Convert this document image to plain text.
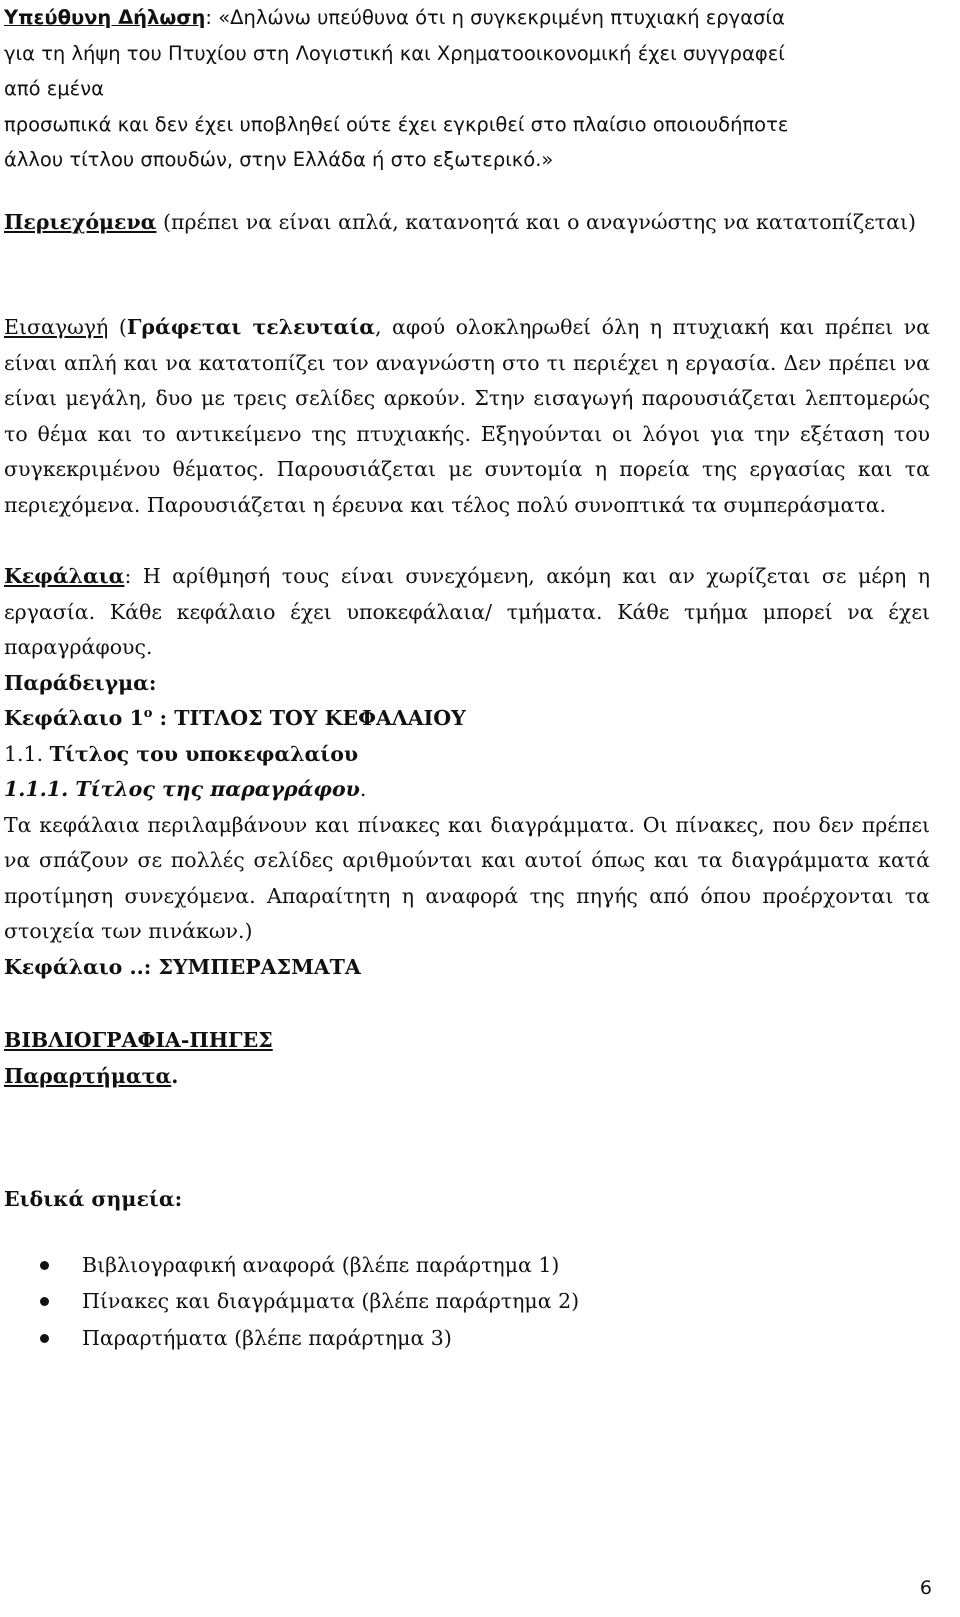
Υπεύθυνη Δήλωση: «Δηλώνω υπεύθυνα ότι η συγκεκριμένη πτυχιακή εργασία
για τη λήψη του Πτυχίου στη Λογιστική και Χρηματοοικονομική έχει συγγραφεί
από εμένα
προσωπικά και δεν έχει υποβληθεί ούτε έχει εγκριθεί στο πλαίσιο οποιουδήποτε
άλλου τίτλου σπουδών, στην Ελλάδα ή στο εξωτερικό.»

Περιεχόμενα (πρέπει να είναι απλά, κατανοητά και ο αναγνώστης να κατατοπίζεται)

Εισαγωγή (Γράφεται τελευταία, αφού ολοκληρωθεί όλη η πτυχιακή και πρέπει να είναι απλή και να κατατοπίζει τον αναγνώστη στο τι περιέχει η εργασία. Δεν πρέπει να είναι μεγάλη, δυο με τρεις σελίδες αρκούν. Στην εισαγωγή παρουσιάζεται λεπτομερώς το θέμα και το αντικείμενο της πτυχιακής. Εξηγούνται οι λόγοι για την εξέταση του συγκεκριμένου θέματος. Παρουσιάζεται με συντομία η πορεία της εργασίας και τα περιεχόμενα. Παρουσιάζεται η έρευνα και τέλος πολύ συνοπτικά τα συμπεράσματα.

Κεφάλαια: Η αρίθμησή τους είναι συνεχόμενη, ακόμη και αν χωρίζεται σε μέρη η εργασία. Κάθε κεφάλαιο έχει υποκεφάλαια/ τμήματα. Κάθε τμήμα μπορεί να έχει παραγράφους.

Παράδειγμα:

Κεφάλαιο $1^o$ : ΤΙΤΛΟΣ ΤΟΥ ΚΕΦΑΛΑΙΟΥ

1.1. Τίτλος του υποκεφαλαίου

1.1.1. Τίτλος της παραγράφου.

Τα κεφάλαια περιλαμβάνουν και πίνακες και διαγράμματα. Οι πίνακες, που δεν πρέπει να σπάζουν σε πολλές σελίδες αριθμούνται και αυτοί όπως και τα διαγράμματα κατά προτίμηση συνεχόμενα. Απαραίτητη η αναφορά της πηγής από όπου προέρχονται τα στοιχεία των πινάκων.)

Κεφάλαιο ..: ΣΥΜΠΕΡΑΣΜΑΤΑ

ΒΙΒΛΙΟΓΡΑΦΙΑ-ΠΗΓΕΣ

Παραρτήματα.

Ειδικά σημεία:

Βιβλιογραφική αναφορά (βλέπε παράρτημα 1)
Πίνακες και διαγράμματα (βλέπε παράρτημα 2)
Παραρτήματα (βλέπε παράρτημα 3)
6
